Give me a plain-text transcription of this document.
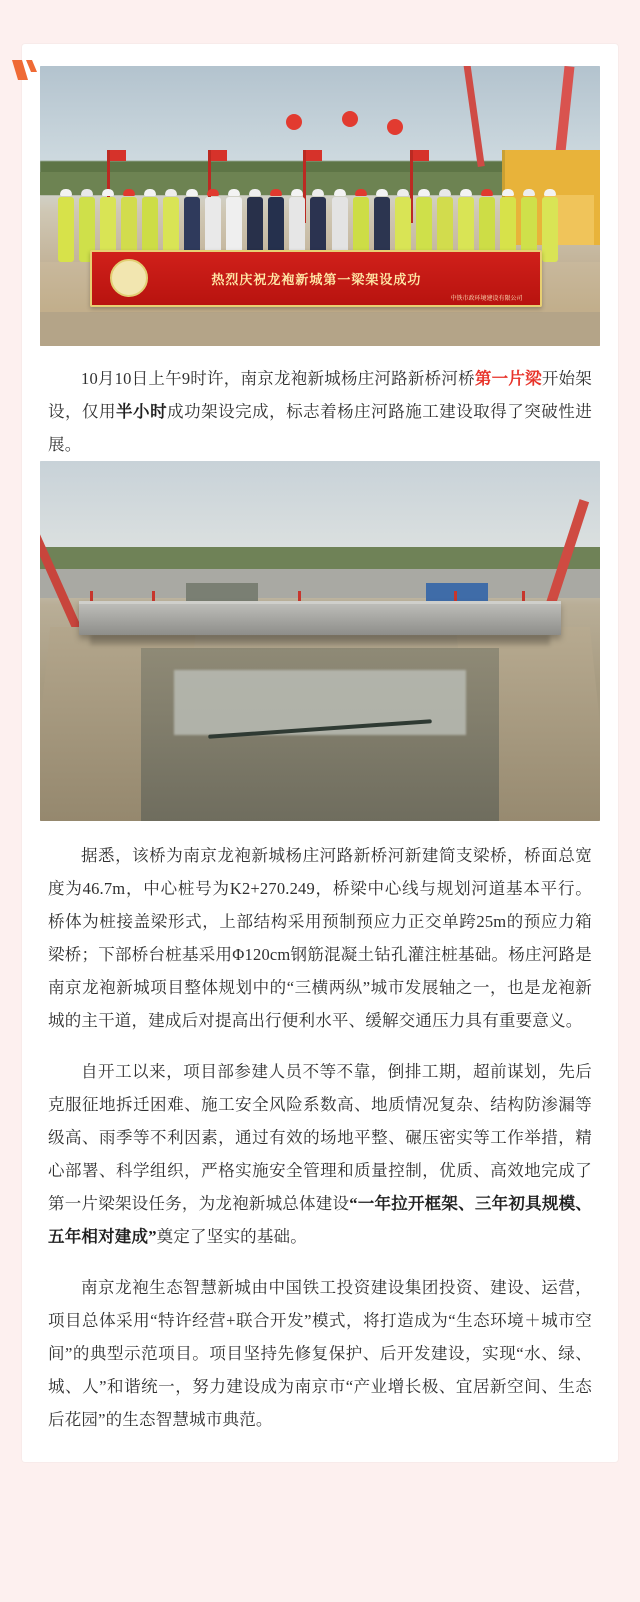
热烈庆祝龙袍新城第一梁架设成功
中铁市政环境建设有限公司

10月10日上午9时许，南京龙袍新城杨庄河路新桥河桥第一片梁开始架设，仅用半小时成功架设完成，标志着杨庄河路施工建设取得了突破性进展。

据悉，该桥为南京龙袍新城杨庄河路新桥河新建简支梁桥，桥面总宽度为46.7m，中心桩号为K2+270.249，桥梁中心线与规划河道基本平行。桥体为桩接盖梁形式，上部结构采用预制预应力正交单跨25m的预应力箱梁桥；下部桥台桩基采用Φ120cm钢筋混凝土钻孔灌注桩基础。杨庄河路是南京龙袍新城项目整体规划中的“三横两纵”城市发展轴之一，也是龙袍新城的主干道，建成后对提高出行便利水平、缓解交通压力具有重要意义。

自开工以来，项目部参建人员不等不靠，倒排工期，超前谋划，先后克服征地拆迁困难、施工安全风险系数高、地质情况复杂、结构防渗漏等级高、雨季等不利因素，通过有效的场地平整、碾压密实等工作举措，精心部署、科学组织，严格实施安全管理和质量控制，优质、高效地完成了第一片梁架设任务，为龙袍新城总体建设“一年拉开框架、三年初具规模、五年相对建成”奠定了坚实的基础。

南京龙袍生态智慧新城由中国铁工投资建设集团投资、建设、运营，项目总体采用“特许经营+联合开发”模式，将打造成为“生态环境＋城市空间”的典型示范项目。项目坚持先修复保护、后开发建设，实现“水、绿、城、人”和谐统一，努力建设成为南京市“产业增长极、宜居新空间、生态后花园”的生态智慧城市典范。
